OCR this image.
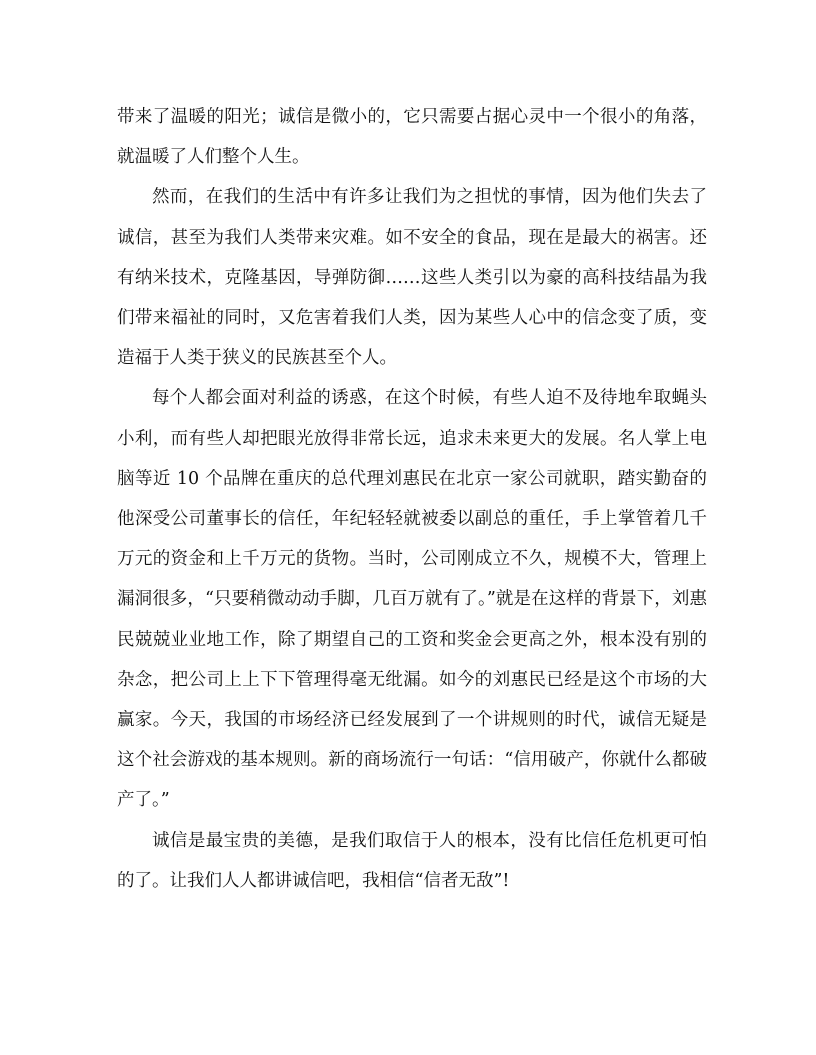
带来了温暖的阳光；诚信是微小的，它只需要占据心灵中一个很小的角落，就温暖了人们整个人生。

然而，在我们的生活中有许多让我们为之担忧的事情，因为他们失去了诚信，甚至为我们人类带来灾难。如不安全的食品，现在是最大的祸害。还有纳米技术，克隆基因，导弹防御……这些人类引以为豪的高科技结晶为我们带来福祉的同时，又危害着我们人类，因为某些人心中的信念变了质，变造福于人类于狭义的民族甚至个人。

每个人都会面对利益的诱惑，在这个时候，有些人迫不及待地牟取蝇头小利，而有些人却把眼光放得非常长远，追求未来更大的发展。名人掌上电脑等近 10 个品牌在重庆的总代理刘惠民在北京一家公司就职，踏实勤奋的他深受公司董事长的信任，年纪轻轻就被委以副总的重任，手上掌管着几千万元的资金和上千万元的货物。当时，公司刚成立不久，规模不大，管理上漏洞很多，“只要稍微动动手脚，几百万就有了。”就是在这样的背景下，刘惠民兢兢业业地工作，除了期望自己的工资和奖金会更高之外，根本没有别的杂念，把公司上上下下管理得毫无纰漏。如今的刘惠民已经是这个市场的大赢家。今天，我国的市场经济已经发展到了一个讲规则的时代，诚信无疑是这个社会游戏的基本规则。新的商场流行一句话：“信用破产，你就什么都破产了。”

诚信是最宝贵的美德，是我们取信于人的根本，没有比信任危机更可怕的了。让我们人人都讲诚信吧，我相信“信者无敌”!
